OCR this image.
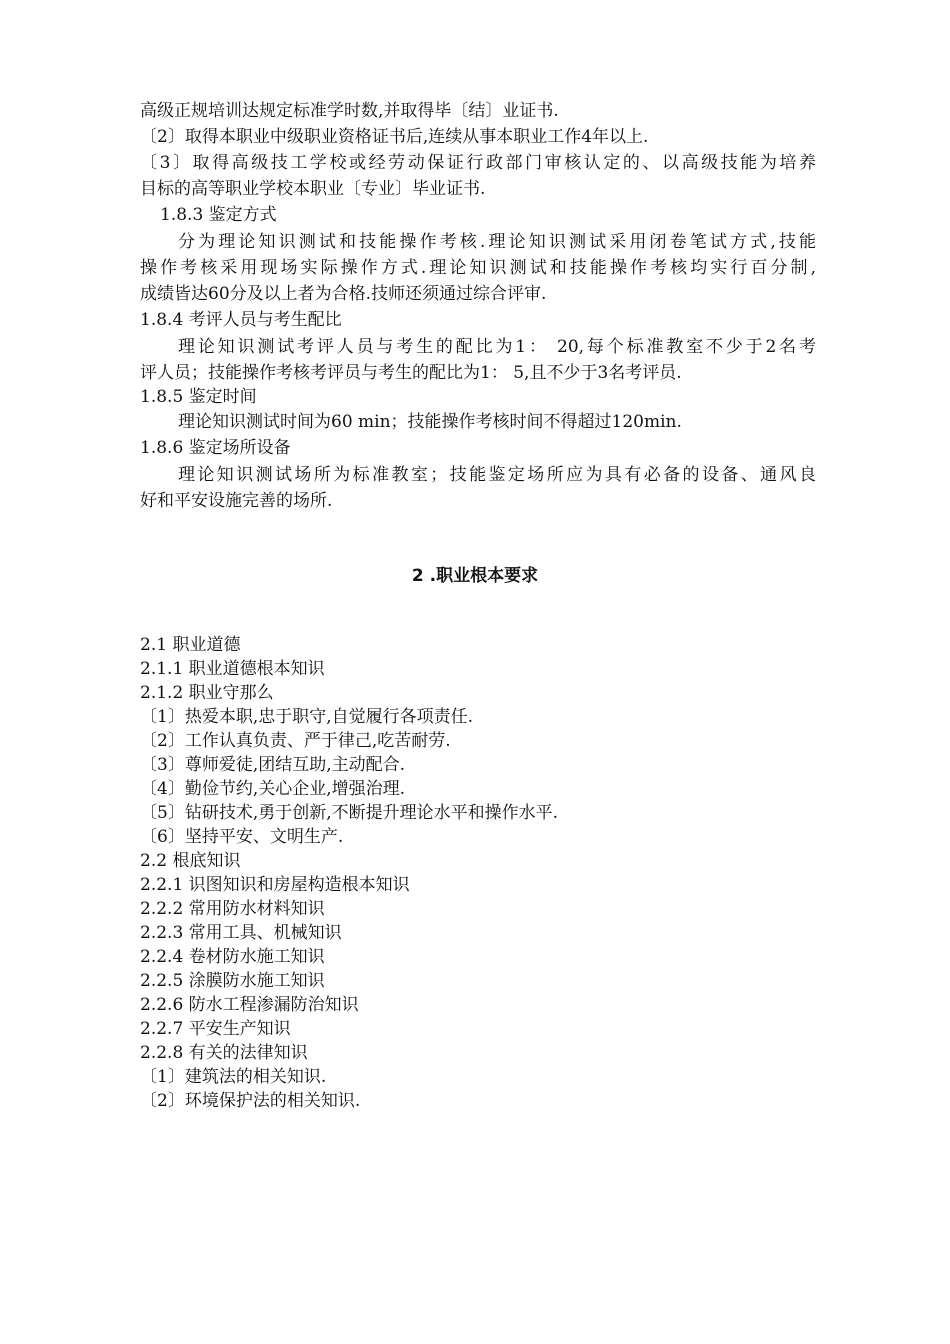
高级正规培训达规定标准学时数,并取得毕〔结〕业证书.
〔2〕取得本职业中级职业资格证书后,连续从事本职业工作4年以上.
〔3〕取得高级技工学校或经劳动保证行政部门审核认定的、以高级技能为培养
目标的高等职业学校本职业〔专业〕毕业证书.
1.8.3 鉴定方式
分为理论知识测试和技能操作考核.理论知识测试采用闭卷笔试方式,技能
操作考核采用现场实际操作方式.理论知识测试和技能操作考核均实行百分制,
成绩皆达60分及以上者为合格.技师还须通过综合评审.
1.8.4 考评人员与考生配比
理论知识测试考评人员与考生的配比为1： 20,每个标准教室不少于2名考
评人员；技能操作考核考评员与考生的配比为1： 5,且不少于3名考评员.
1.8.5 鉴定时间
理论知识测试时间为60 min；技能操作考核时间不得超过120min.
1.8.6 鉴定场所设备
理论知识测试场所为标准教室；技能鉴定场所应为具有必备的设备、通风良
好和平安设施完善的场所.
2 .职业根本要求
2.1 职业道德
2.1.1 职业道德根本知识
2.1.2 职业守那么
〔1〕热爱本职,忠于职守,自觉履行各项责任.
〔2〕工作认真负责、严于律己,吃苦耐劳.
〔3〕尊师爱徒,团结互助,主动配合.
〔4〕勤俭节约,关心企业,增强治理.
〔5〕钻研技术,勇于创新,不断提升理论水平和操作水平.
〔6〕坚持平安、文明生产.
2.2 根底知识
2.2.1 识图知识和房屋构造根本知识
2.2.2 常用防水材料知识
2.2.3 常用工具、机械知识
2.2.4 卷材防水施工知识
2.2.5 涂膜防水施工知识
2.2.6 防水工程渗漏防治知识
2.2.7 平安生产知识
2.2.8 有关的法律知识
〔1〕建筑法的相关知识.
〔2〕环境保护法的相关知识.
